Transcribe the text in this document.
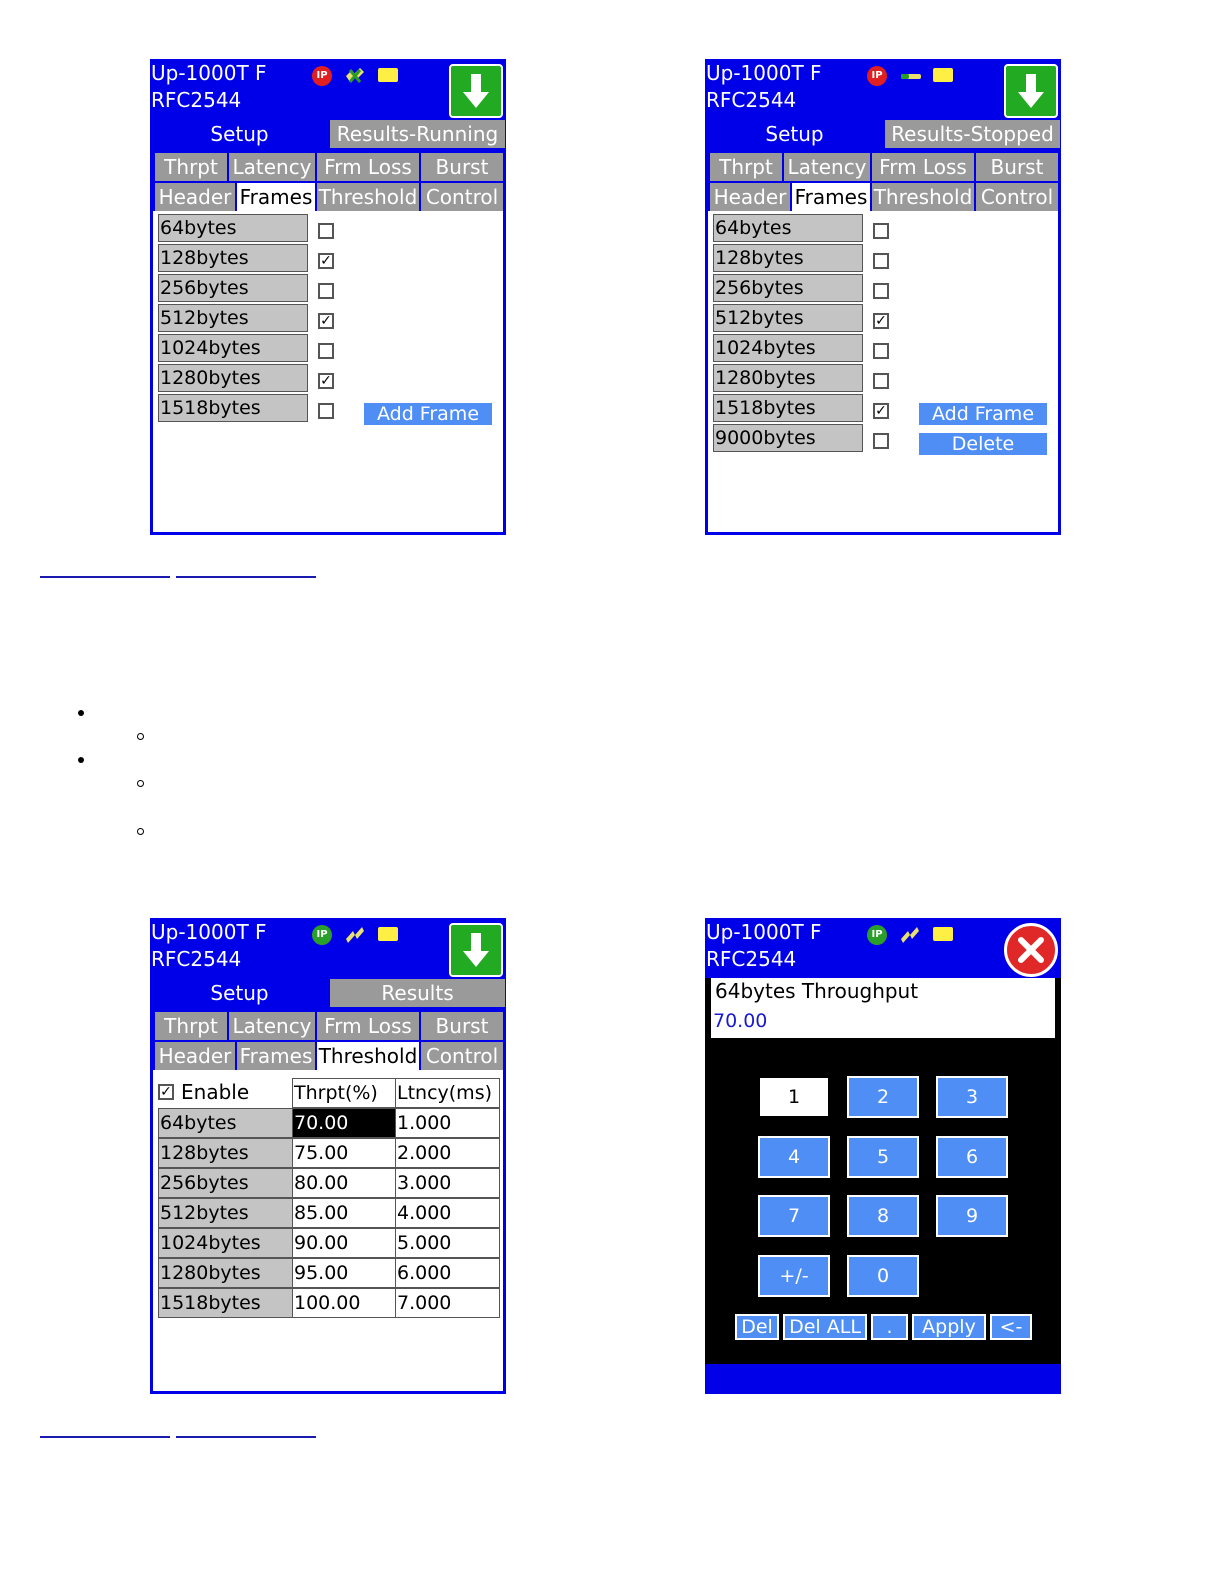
Up-1000T F
RFC2544
IP
Setup	Results-Running
Thrpt Latency Frm Loss	Burst
Header Frames Threshold Control
64bytes
128bytes	✓
256bytes
512bytes	✓
1024bytes
1280bytes	✓
1518bytes	Add Frame
Up-1000T F
RFC2544
IP
Setup	Results-Stopped
Thrpt Latency Frm Loss	Burst
Header Frames Threshold Control
64bytes
128bytes
256bytes
512bytes	✓
1024bytes
1280bytes
1518bytes	✓
9000bytes
Add Frame
Delete
Up-1000T F
RFC2544
IP
Setup	Results
Thrpt Latency Frm Loss	Burst
Header Frames Threshold Control
✓ Enable Thrpt(%)	Ltncy(ms)
64bytes	70.00	1.000
128bytes	75.00	2.000
256bytes	80.00	3.000
512bytes	85.00	4.000
1024bytes	90.00	5.000
1280bytes	95.00	6.000
1518bytes	100.00	7.000
Up-1000T F
RFC2544
IP
64bytes Throughput
70.00
1	2	3
4	5	6
7	8	9
+/-	0
Del Del ALL	.	Apply	<-
